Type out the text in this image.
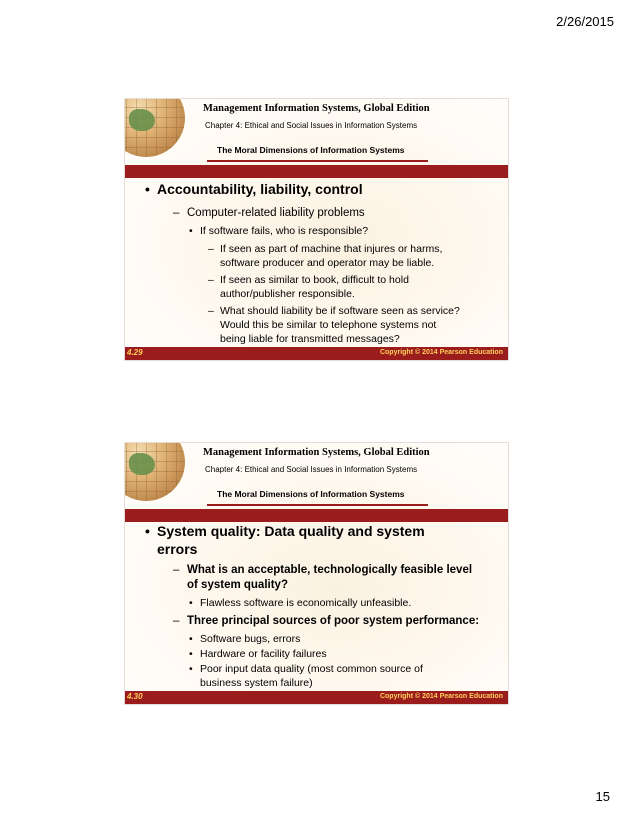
2/26/2015
Management Information Systems, Global Edition
Chapter 4: Ethical and Social Issues in Information Systems
The Moral Dimensions of Information Systems
• Accountability, liability, control
– Computer-related liability problems
• If software fails, who is responsible?
– If seen as part of machine that injures or harms,
software producer and operator may be liable.
– If seen as similar to book, difficult to hold
author/publisher responsible.
– What should liability be if software seen as service?
Would this be similar to telephone systems not
being liable for transmitted messages?
4.29	Copyright © 2014 Pearson Education
Management Information Systems, Global Edition
Chapter 4: Ethical and Social Issues in Information Systems
The Moral Dimensions of Information Systems
• System quality: Data quality and system
errors
– What is an acceptable, technologically feasible level
of system quality?
• Flawless software is economically unfeasible.
– Three principal sources of poor system performance:
• Software bugs, errors
• Hardware or facility failures
• Poor input data quality (most common source of
business system failure)
4.30	Copyright © 2014 Pearson Education
15
